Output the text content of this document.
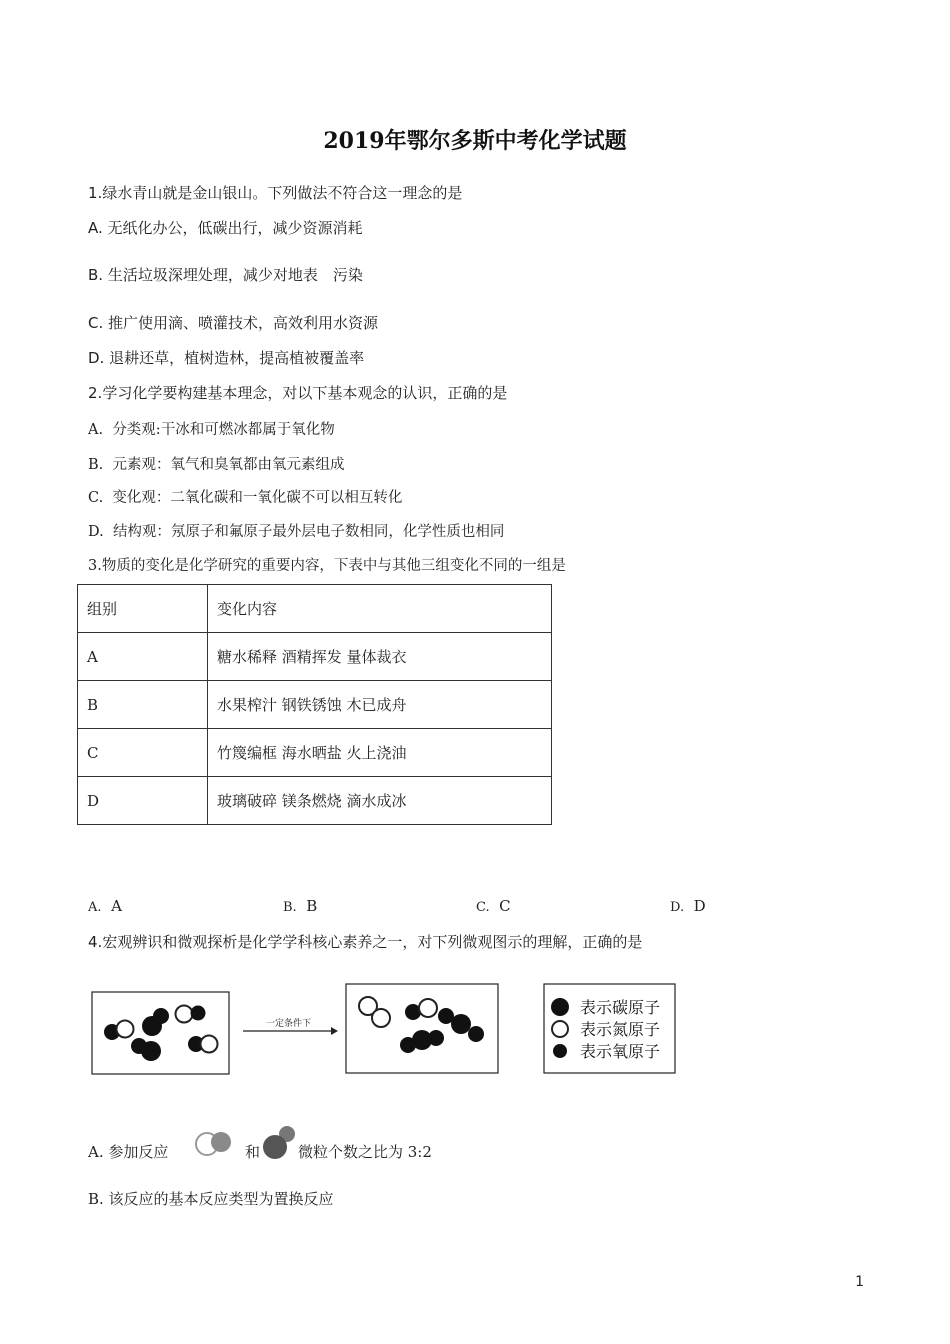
2019年鄂尔多斯中考化学试题
1.绿水青山就是金山银山。下列做法不符合这一理念的是
A. 无纸化办公，低碳出行，减少资源消耗
B. 生活垃圾深埋处理，减少对地表　污染
C. 推广使用滴、喷灌技术，高效利用水资源
D. 退耕还草，植树造林，提高植被覆盖率
2.学习化学要构建基本理念，对以下基本观念的认识，正确的是
A. 分类观:干冰和可燃冰都属于氧化物
B. 元素观：氧气和臭氧都由氧元素组成
C. 变化观：二氧化碳和一氧化碳不可以相互转化
D. 结构观：氖原子和氟原子最外层电子数相同，化学性质也相同
3.物质的变化是化学研究的重要内容，下表中与其他三组变化不同的一组是
组别	变化内容
A	糖水稀释 酒精挥发 量体裁衣
B	水果榨汁 钢铁锈蚀 木已成舟
C	竹篾编框 海水晒盐 火上浇油
D	玻璃破碎 镁条燃烧 滴水成冰
A. A	B. B	C. C	D. D
4.宏观辨识和微观探析是化学学科核心素养之一，对下列微观图示的理解，正确的是
一定条件下
表示碳原子
表示氮原子
表示氧原子
A. 参加反应	和	微粒个数之比为 3:2
B. 该反应的基本反应类型为置换反应
1
